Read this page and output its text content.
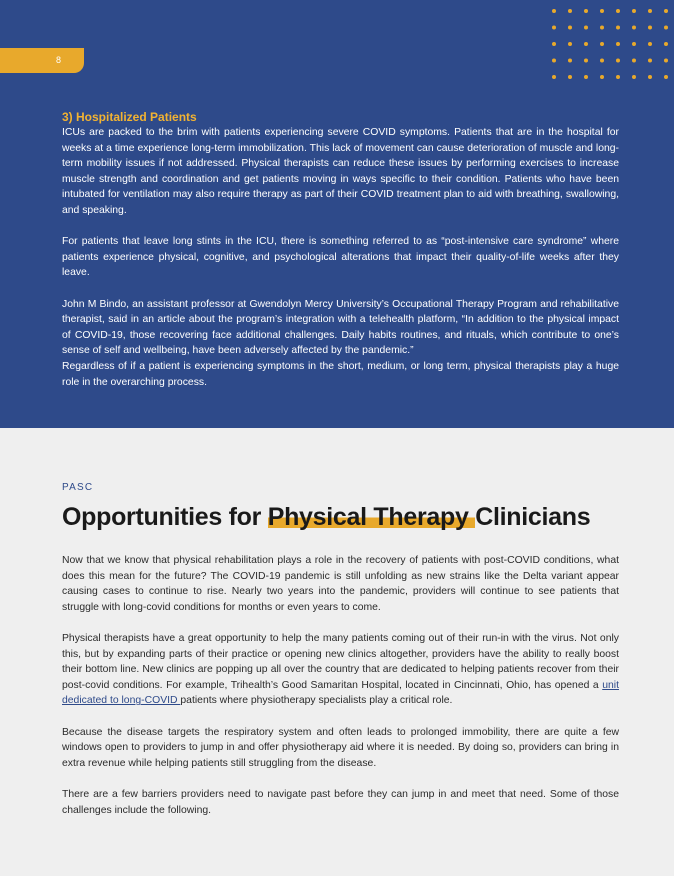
8
3) Hospitalized Patients

ICUs are packed to the brim with patients experiencing severe COVID symptoms. Patients that are in the hospital for weeks at a time experience long-term immobilization. This lack of movement can cause deterioration of muscle and long-term mobility issues if not addressed. Physical therapists can reduce these issues by performing exercises to increase muscle strength and coordination and get patients moving in ways specific to their condition. Patients who have been intubated for ventilation may also require therapy as part of their COVID treatment plan to aid with breathing, swallowing, and speaking.

For patients that leave long stints in the ICU, there is something referred to as “post-intensive care syndrome” where patients experience physical, cognitive, and psychological alterations that impact their quality-of-life weeks after they leave.

John M Bindo, an assistant professor at Gwendolyn Mercy University’s Occupational Therapy Program and rehabilitative therapist, said in an article about the program’s integration with a telehealth platform, “In addition to the physical impact of COVID-19, those recovering face additional challenges. Daily habits routines, and rituals, which contribute to one’s sense of self and wellbeing, have been adversely affected by the pandemic.”

Regardless of if a patient is experiencing symptoms in the short, medium, or long term, physical therapists play a huge role in the overarching process.

PASC
Opportunities for Physical Therapy Clinicians

Now that we know that physical rehabilitation plays a role in the recovery of patients with post-COVID conditions, what does this mean for the future? The COVID-19 pandemic is still unfolding as new strains like the Delta variant appear causing cases to continue to rise. Nearly two years into the pandemic, providers will continue to see patients that struggle with long-covid conditions for months or even years to come.

Physical therapists have a great opportunity to help the many patients coming out of their run-in with the virus. Not only this, but by expanding parts of their practice or opening new clinics altogether, providers have the ability to really boost their bottom line. New clinics are popping up all over the country that are dedicated to helping patients recover from their post-covid conditions. For example, Trihealth’s Good Samaritan Hospital, located in Cincinnati, Ohio, has opened a unit dedicated to long-COVID patients where physiotherapy specialists play a critical role.

Because the disease targets the respiratory system and often leads to prolonged immobility, there are quite a few windows open to providers to jump in and offer physiotherapy aid where it is needed. By doing so, providers can bring in extra revenue while helping patients still struggling from the disease.

There are a few barriers providers need to navigate past before they can jump in and meet that need. Some of those challenges include the following.
